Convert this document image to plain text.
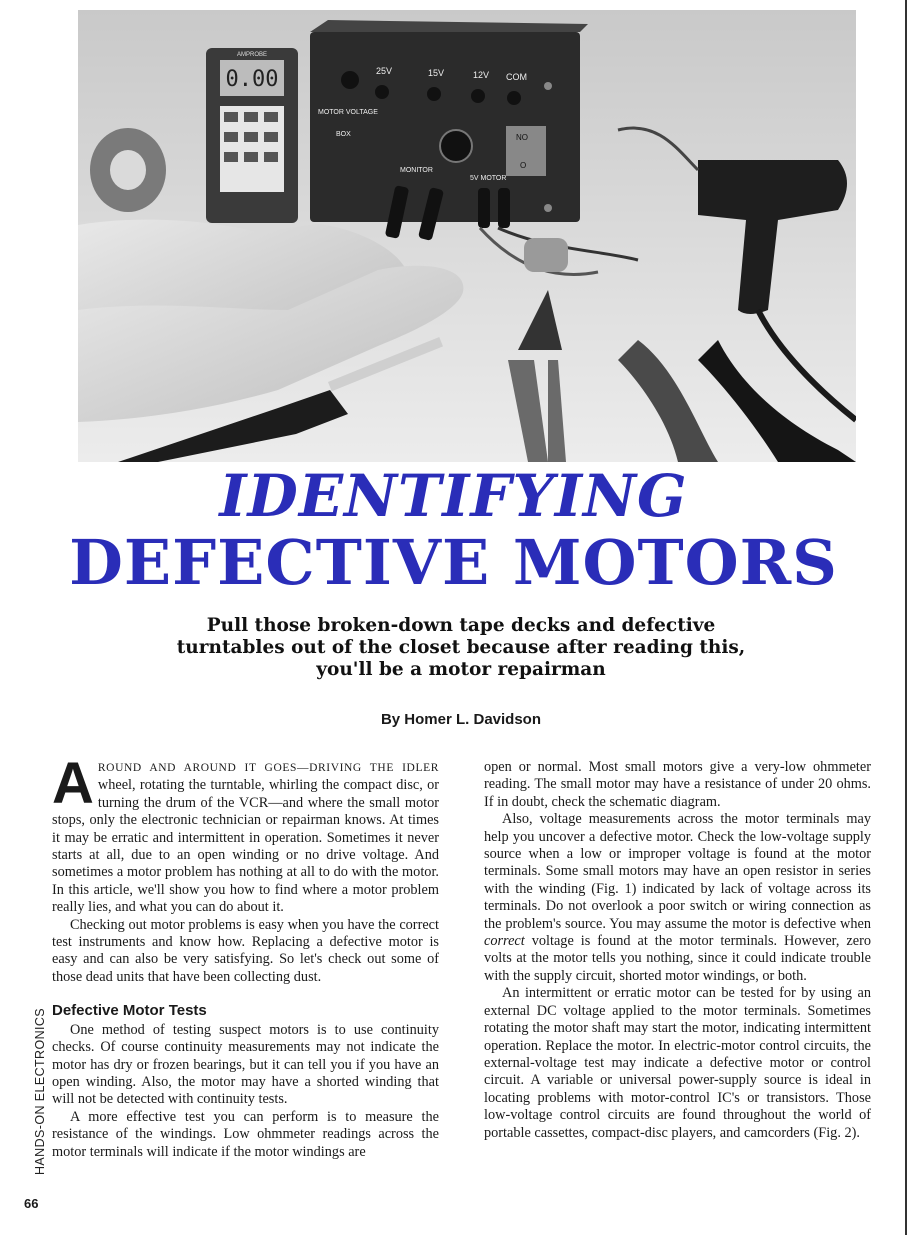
0.00
AMPROBE
25V	15V	12V COM
MOTOR VOLTAGE
BOX
MONITOR
5V MOTOR
NO
O
IDENTIFYING
DEFECTIVE MOTORS
Pull those broken-down tape decks and defective turntables out of the closet because after reading this, you'll be a motor repairman
By Homer L. Davidson

AROUND AND AROUND IT GOES—DRIVING THE IDLER wheel, rotating the turntable, whirling the compact disc, or turning the drum of the VCR—and where the small motor stops, only the electronic technician or repairman knows. At times it may be erratic and intermittent in operation. Sometimes it never starts at all, due to an open winding or no drive voltage. And sometimes a motor problem has nothing at all to do with the motor. In this article, we'll show you how to find where a motor problem really lies, and what you can do about it.

Checking out motor problems is easy when you have the correct test instruments and know how. Replacing a defective motor is easy and can also be very satisfying. So let's check out some of those dead units that have been collecting dust.

Defective Motor Tests

One method of testing suspect motors is to use continuity checks. Of course continuity measurements may not indicate the motor has dry or frozen bearings, but it can tell you if you have an open winding. Also, the motor may have a shorted winding that will not be detected with continuity tests.

A more effective test you can perform is to measure the resistance of the windings. Low ohmmeter readings across the motor terminals will indicate if the motor windings are

open or normal. Most small motors give a very-low ohmmeter reading. The small motor may have a resistance of under 20 ohms. If in doubt, check the schematic diagram.

Also, voltage measurements across the motor terminals may help you uncover a defective motor. Check the low-voltage supply source when a low or improper voltage is found at the motor terminals. Some small motors may have an open resistor in series with the winding (Fig. 1) indicated by lack of voltage across its terminals. Do not overlook a poor switch or wiring connection as the problem's source. You may assume the motor is defective when correct voltage is found at the motor terminals. However, zero volts at the motor tells you nothing, since it could indicate trouble with the supply circuit, shorted motor windings, or both.

An intermittent or erratic motor can be tested for by using an external DC voltage applied to the motor terminals. Sometimes rotating the motor shaft may start the motor, indicating intermittent operation. Replace the motor. In electric-motor control circuits, the external-voltage test may indicate a defective motor or control circuit. A variable or universal power-supply source is ideal in locating problems with motor-control IC's or transistors. Those low-voltage control circuits are found throughout the world of portable cassettes, compact-disc players, and camcorders (Fig. 2).

HANDS-ON ELECTRONICS
66
